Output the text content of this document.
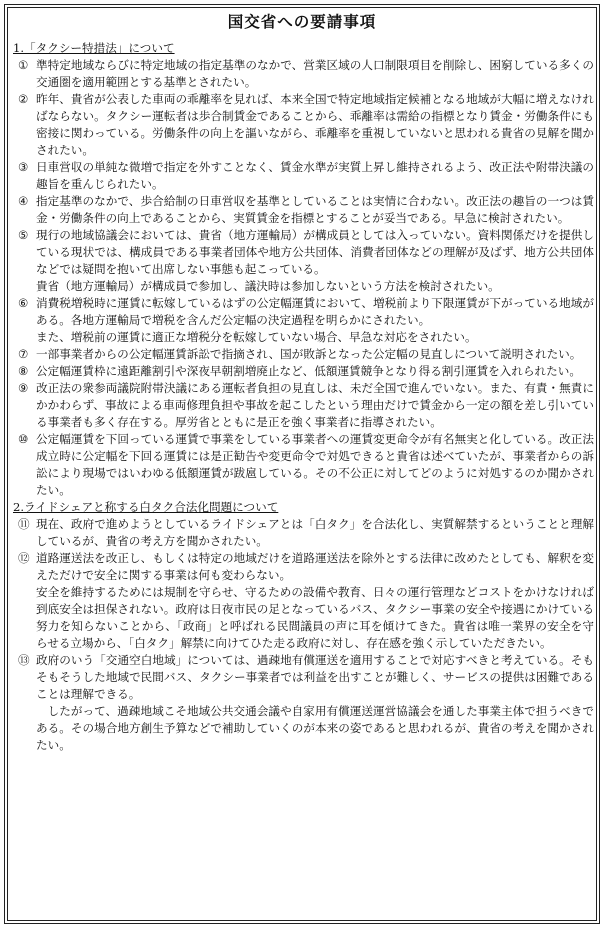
国交省への要請事項

1.「タクシー特措法」について

① 準特定地域ならびに特定地域の指定基準のなかで、営業区域の人口制限項目を削除し、困窮している多くの交通圏を適用範囲とする基準とされたい。

② 昨年、貴省が公表した車両の乖離率を見れば、本来全国で特定地域指定候補となる地域が大幅に増えなければならない。タクシー運転者は歩合制賃金であることから、乖離率は需給の指標となり賃金・労働条件にも密接に関わっている。労働条件の向上を謳いながら、乖離率を重視していないと思われる貴省の見解を聞かされたい。

③ 日車営収の単純な微増で指定を外すことなく、賃金水準が実質上昇し維持されるよう、改正法や附帯決議の趣旨を重んじられたい。

④ 指定基準のなかで、歩合給制の日車営収を基準としていることは実情に合わない。改正法の趣旨の一つは賃金・労働条件の向上であることから、実質賃金を指標とすることが妥当である。早急に検討されたい。

⑤ 現行の地域協議会においては、貴省（地方運輸局）が構成員としては入っていない。資料関係だけを提供している現状では、構成員である事業者団体や地方公共団体、消費者団体などの理解が及ばず、地方公共団体などでは疑問を抱いて出席しない事態も起こっている。

貴省（地方運輸局）が構成員で参加し、議決時は参加しないという方法を検討されたい。

⑥ 消費税増税時に運賃に転嫁しているはずの公定幅運賃において、増税前より下限運賃が下がっている地域がある。各地方運輸局で増税を含んだ公定幅の決定過程を明らかにされたい。

また、増税前の運賃に適正な増税分を転嫁していない場合、早急な対応をされたい。

⑦ 一部事業者からの公定幅運賃訴訟で指摘され、国が敗訴となった公定幅の見直しについて説明されたい。

⑧ 公定幅運賃枠に遠距離割引や深夜早朝割増廃止など、低額運賃競争となり得る割引運賃を入れられたい。

⑨ 改正法の衆参両議院附帯決議にある運転者負担の見直しは、未だ全国で進んでいない。また、有責・無責にかかわらず、事故による車両修理負担や事故を起こしたという理由だけで賃金から一定の額を差し引いている事業者も多く存在する。厚労省とともに是正を強く事業者に指導されたい。

⑩ 公定幅運賃を下回っている運賃で事業をしている事業者への運賃変更命令が有名無実と化している。改正法成立時に公定幅を下回る運賃には是正勧告や変更命令で対処できると貴省は述べていたが、事業者からの訴訟により現場ではいわゆる低額運賃が跋扈している。その不公正に対してどのように対処するのか聞かされたい。

2.ライドシェアと称する白タク合法化問題について

⑪ 現在、政府で進めようとしているライドシェアとは「白タク」を合法化し、実質解禁するということと理解しているが、貴省の考え方を聞かされたい。

⑫ 道路運送法を改正し、もしくは特定の地域だけを道路運送法を除外とする法律に改めたとしても、解釈を変えただけで安全に関する事業は何も変わらない。

安全を維持するためには規制を守らせ、守るための設備や教育、日々の運行管理などコストをかけなければ到底安全は担保されない。政府は日夜市民の足となっているバス、タクシー事業の安全や接遇にかけている努力を知らないことから、「政商」と呼ばれる民間議員の声に耳を傾けてきた。貴省は唯一業界の安全を守らせる立場から、「白タク」解禁に向けてひた走る政府に対し、存在感を強く示していただきたい。

⑬ 政府のいう「交通空白地域」については、過疎地有償運送を適用することで対応すべきと考えている。そもそもそうした地域で民間バス、タクシー事業者では利益を出すことが難しく、サービスの提供は困難であることは理解できる。

　したがって、過疎地域こそ地域公共交通会議や自家用有償運送運営協議会を通した事業主体で担うべきである。その場合地方創生予算などで補助していくのが本来の姿であると思われるが、貴省の考えを聞かされたい。
